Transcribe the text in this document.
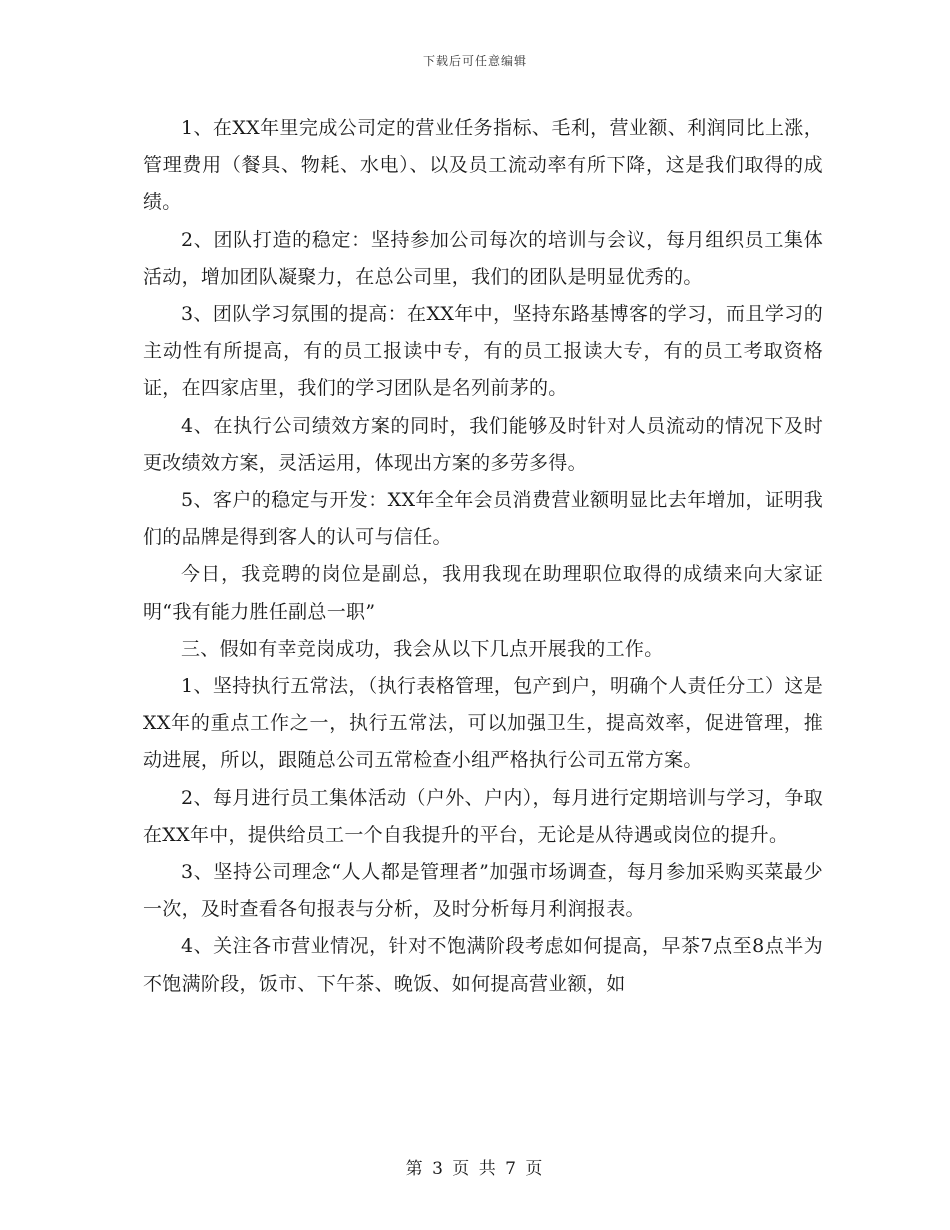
下载后可任意编辑

1、在XX年里完成公司定的营业任务指标、毛利，营业额、利润同比上涨，管理费用（餐具、物耗、水电）、以及员工流动率有所下降，这是我们取得的成绩。

2、团队打造的稳定：坚持参加公司每次的培训与会议，每月组织员工集体活动，增加团队凝聚力，在总公司里，我们的团队是明显优秀的。

3、团队学习氛围的提高：在XX年中，坚持东路基博客的学习，而且学习的主动性有所提高，有的员工报读中专，有的员工报读大专，有的员工考取资格证，在四家店里，我们的学习团队是名列前茅的。

4、在执行公司绩效方案的同时，我们能够及时针对人员流动的情况下及时更改绩效方案，灵活运用，体现出方案的多劳多得。

5、客户的稳定与开发：XX年全年会员消费营业额明显比去年增加，证明我们的品牌是得到客人的认可与信任。

今日，我竞聘的岗位是副总，我用我现在助理职位取得的成绩来向大家证明“我有能力胜任副总一职”

三、假如有幸竞岗成功，我会从以下几点开展我的工作。

1、坚持执行五常法，（执行表格管理，包产到户，明确个人责任分工）这是XX年的重点工作之一，执行五常法，可以加强卫生，提高效率，促进管理，推动进展，所以，跟随总公司五常检查小组严格执行公司五常方案。

2、每月进行员工集体活动（户外、户内），每月进行定期培训与学习，争取在XX年中，提供给员工一个自我提升的平台，无论是从待遇或岗位的提升。

3、坚持公司理念“人人都是管理者”加强市场调查，每月参加采购买菜最少一次，及时查看各旬报表与分析，及时分析每月利润报表。

4、关注各市营业情况，针对不饱满阶段考虑如何提高，早茶7点至8点半为不饱满阶段，饭市、下午茶、晚饭、如何提高营业额，如

第 3 页 共 7 页
